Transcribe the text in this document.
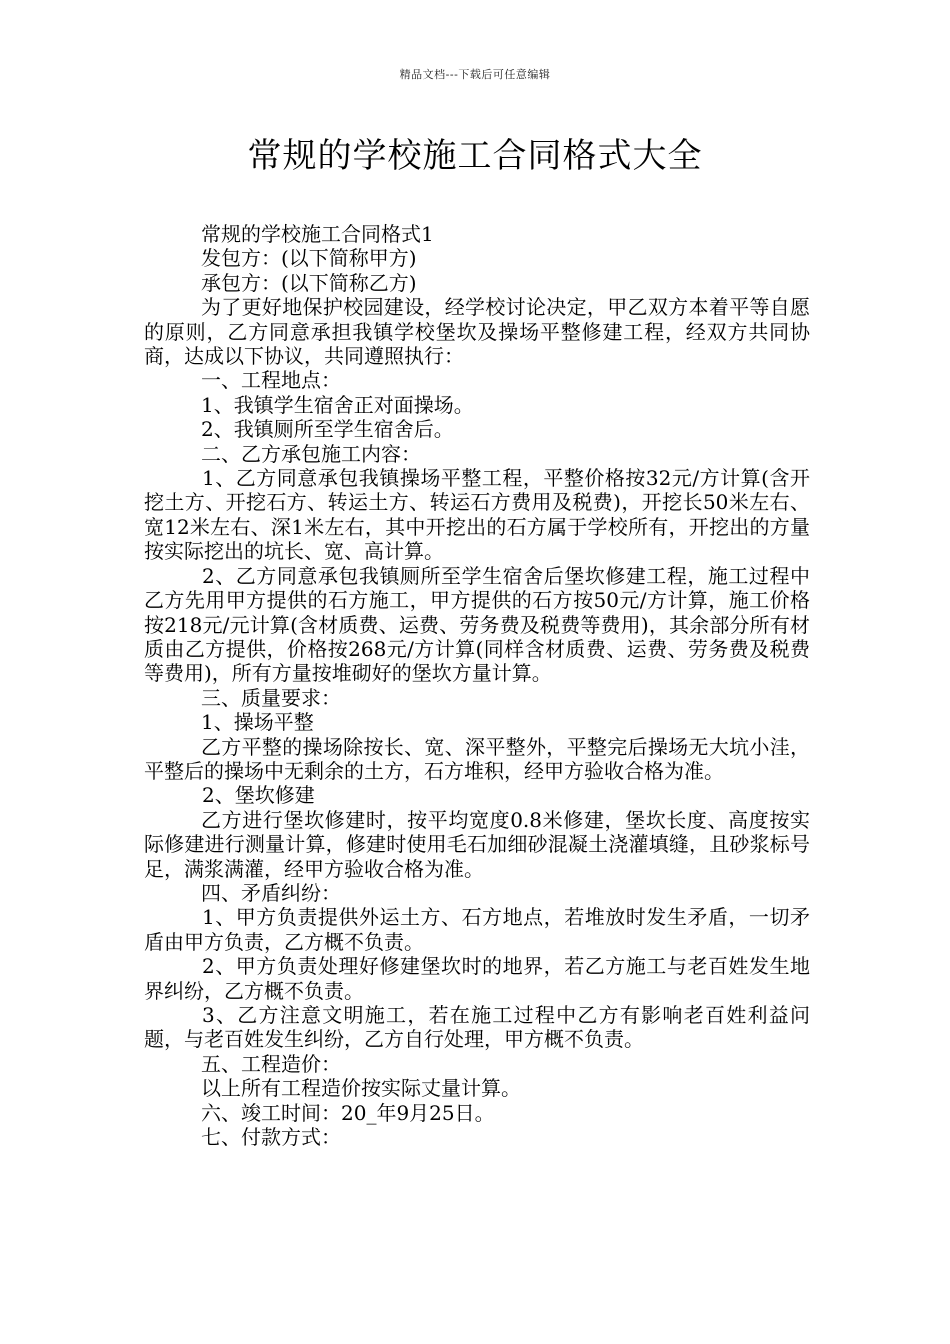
精品文档---下载后可任意编辑
常规的学校施工合同格式大全

常规的学校施工合同格式1

发包方：(以下简称甲方)

承包方：(以下简称乙方)

为了更好地保护校园建设，经学校讨论决定，甲乙双方本着平等自愿的原则，乙方同意承担我镇学校堡坎及操场平整修建工程，经双方共同协商，达成以下协议，共同遵照执行：

一、工程地点：

1、我镇学生宿舍正对面操场。

2、我镇厕所至学生宿舍后。

二、乙方承包施工内容：

1、乙方同意承包我镇操场平整工程，平整价格按32元/方计算(含开挖土方、开挖石方、转运土方、转运石方费用及税费)，开挖长50米左右、宽12米左右、深1米左右，其中开挖出的石方属于学校所有，开挖出的方量按实际挖出的坑长、宽、高计算。

2、乙方同意承包我镇厕所至学生宿舍后堡坎修建工程，施工过程中乙方先用甲方提供的石方施工，甲方提供的石方按50元/方计算，施工价格按218元/元计算(含材质费、运费、劳务费及税费等费用)，其余部分所有材质由乙方提供，价格按268元/方计算(同样含材质费、运费、劳务费及税费等费用)，所有方量按堆砌好的堡坎方量计算。

三、质量要求：

1、操场平整

乙方平整的操场除按长、宽、深平整外，平整完后操场无大坑小洼，平整后的操场中无剩余的土方，石方堆积，经甲方验收合格为准。

2、堡坎修建

乙方进行堡坎修建时，按平均宽度0.8米修建，堡坎长度、高度按实际修建进行测量计算，修建时使用毛石加细砂混凝土浇灌填缝，且砂浆标号足，满浆满灌，经甲方验收合格为准。

四、矛盾纠纷：

1、甲方负责提供外运土方、石方地点，若堆放时发生矛盾，一切矛盾由甲方负责，乙方概不负责。

2、甲方负责处理好修建堡坎时的地界，若乙方施工与老百姓发生地界纠纷，乙方概不负责。

3、乙方注意文明施工，若在施工过程中乙方有影响老百姓利益问题，与老百姓发生纠纷，乙方自行处理，甲方概不负责。

五、工程造价：

以上所有工程造价按实际丈量计算。

六、竣工时间：20_年9月25日。

七、付款方式：
